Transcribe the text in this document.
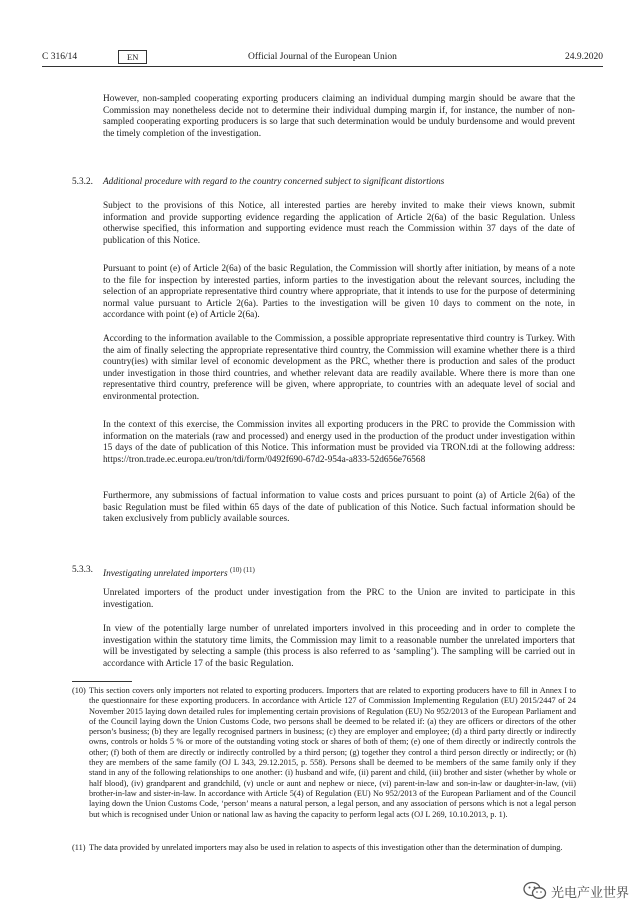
C 316/14	EN	Official Journal of the European Union	24.9.2020

However, non-sampled cooperating exporting producers claiming an individual dumping margin should be aware that the Commission may nonetheless decide not to determine their individual dumping margin if, for instance, the number of non-sampled cooperating exporting producers is so large that such determination would be unduly burdensome and would prevent the timely completion of the investigation.

5.3.2. Additional procedure with regard to the country concerned subject to significant distortions

Subject to the provisions of this Notice, all interested parties are hereby invited to make their views known, submit information and provide supporting evidence regarding the application of Article 2(6a) of the basic Regulation. Unless otherwise specified, this information and supporting evidence must reach the Commission within 37 days of the date of publication of this Notice.

Pursuant to point (e) of Article 2(6a) of the basic Regulation, the Commission will shortly after initiation, by means of a note to the file for inspection by interested parties, inform parties to the investigation about the relevant sources, including the selection of an appropriate representative third country where appropriate, that it intends to use for the purpose of determining normal value pursuant to Article 2(6a). Parties to the investigation will be given 10 days to comment on the note, in accordance with point (e) of Article 2(6a).

According to the information available to the Commission, a possible appropriate representative third country is Turkey. With the aim of finally selecting the appropriate representative third country, the Commission will examine whether there is a third country(ies) with similar level of economic development as the PRC, whether there is production and sales of the product under investigation in those third countries, and whether relevant data are readily available. Where there is more than one representative third country, preference will be given, where appropriate, to countries with an adequate level of social and environmental protection.

In the context of this exercise, the Commission invites all exporting producers in the PRC to provide the Commission with information on the materials (raw and processed) and energy used in the production of the product under investigation within 15 days of the date of publication of this Notice. This information must be provided via TRON.tdi at the following address: https://tron.trade.ec.europa.eu/tron/tdi/form/0492f690-67d2-954a-a833-52d656e76568

Furthermore, any submissions of factual information to value costs and prices pursuant to point (a) of Article 2(6a) of the basic Regulation must be filed within 65 days of the date of publication of this Notice. Such factual information should be taken exclusively from publicly available sources.

5.3.3. Investigating unrelated importers $^{(10) (11)}$

Unrelated importers of the product under investigation from the PRC to the Union are invited to participate in this investigation.

In view of the potentially large number of unrelated importers involved in this proceeding and in order to complete the investigation within the statutory time limits, the Commission may limit to a reasonable number the unrelated importers that will be investigated by selecting a sample (this process is also referred to as ‘sampling’). The sampling will be carried out in accordance with Article 17 of the basic Regulation.

(10) This section covers only importers not related to exporting producers. Importers that are related to exporting producers have to fill in Annex I to the questionnaire for these exporting producers. In accordance with Article 127 of Commission Implementing Regulation (EU) 2015/2447 of 24 November 2015 laying down detailed rules for implementing certain provisions of Regulation (EU) No 952/2013 of the European Parliament and of the Council laying down the Union Customs Code, two persons shall be deemed to be related if: (a) they are officers or directors of the other person’s business; (b) they are legally recognised partners in business; (c) they are employer and employee; (d) a third party directly or indirectly owns, controls or holds 5 % or more of the outstanding voting stock or shares of both of them; (e) one of them directly or indirectly controls the other; (f) both of them are directly or indirectly controlled by a third person; (g) together they control a third person directly or indirectly; or (h) they are members of the same family (OJ L 343, 29.12.2015, p. 558). Persons shall be deemed to be members of the same family only if they stand in any of the following relationships to one another: (i) husband and wife, (ii) parent and child, (iii) brother and sister (whether by whole or half blood), (iv) grandparent and grandchild, (v) uncle or aunt and nephew or niece, (vi) parent-in-law and son-in-law or daughter-in-law, (vii) brother-in-law and sister-in-law. In accordance with Article 5(4) of Regulation (EU) No 952/2013 of the European Parliament and of the Council laying down the Union Customs Code, ‘person’ means a natural person, a legal person, and any association of persons which is not a legal person but which is recognised under Union or national law as having the capacity to perform legal acts (OJ L 269, 10.10.2013, p. 1).
(11) The data provided by unrelated importers may also be used in relation to aspects of this investigation other than the determination of dumping.
光电产业世界
